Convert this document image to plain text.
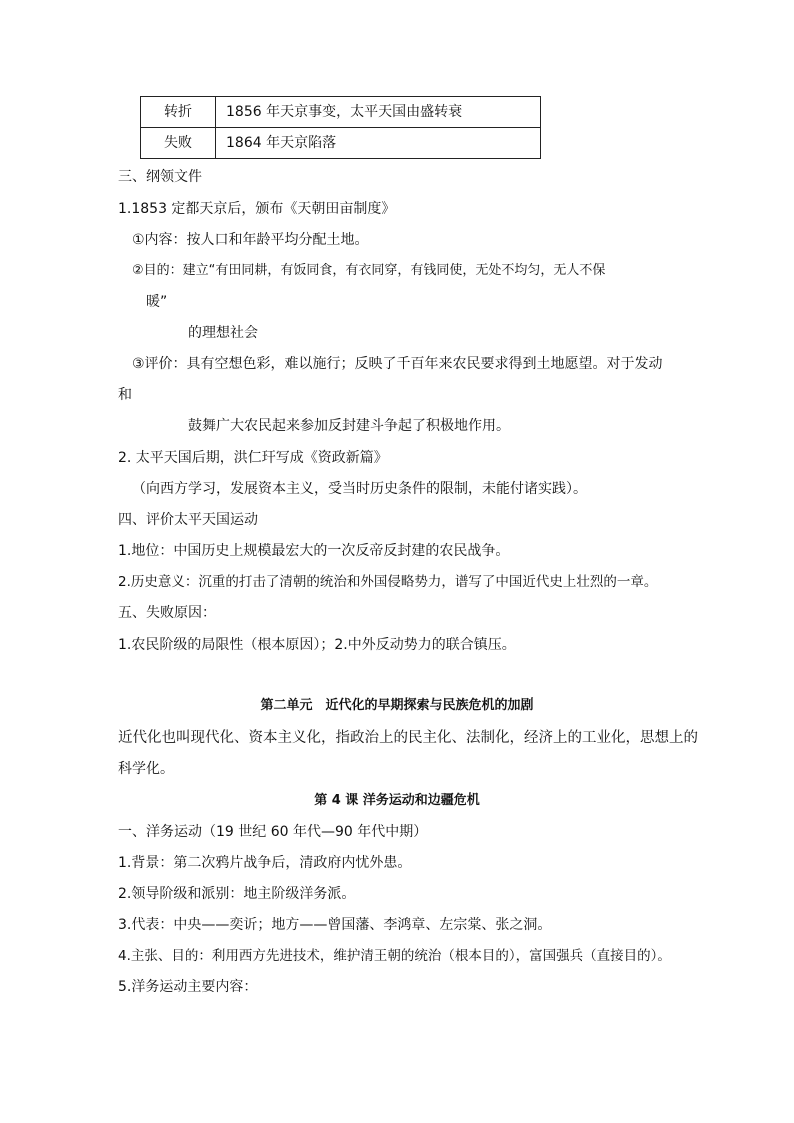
转折	1856 年天京事变，太平天国由盛转衰
失败	1864 年天京陷落
三、纲领文件
1.1853 定都天京后，颁布《天朝田亩制度》
①内容：按人口和年龄平均分配土地。
②目的：建立“有田同耕，有饭同食，有衣同穿，有钱同使，无处不均匀，无人不保
暖”
的理想社会
③评价：具有空想色彩，难以施行；反映了千百年来农民要求得到土地愿望。对于发动
和
鼓舞广大农民起来参加反封建斗争起了积极地作用。
2. 太平天国后期，洪仁玕写成《资政新篇》
（向西方学习，发展资本主义，受当时历史条件的限制，未能付诸实践）。
四、评价太平天国运动
1.地位：中国历史上规模最宏大的一次反帝反封建的农民战争。
2.历史意义：沉重的打击了清朝的统治和外国侵略势力，谱写了中国近代史上壮烈的一章。
五、失败原因：
1.农民阶级的局限性（根本原因）；2.中外反动势力的联合镇压。
第二单元　近代化的早期探索与民族危机的加剧
近代化也叫现代化、资本主义化，指政治上的民主化、法制化，经济上的工业化，思想上的
科学化。
第 4 课 洋务运动和边疆危机
一、洋务运动（19 世纪 60 年代—90 年代中期）
1.背景：第二次鸦片战争后，清政府内忧外患。
2.领导阶级和派别：地主阶级洋务派。
3.代表：中央——奕䜣；地方——曾国藩、李鸿章、左宗棠、张之洞。
4.主张、目的：利用西方先进技术，维护清王朝的统治（根本目的），富国强兵（直接目的）。
5.洋务运动主要内容：
